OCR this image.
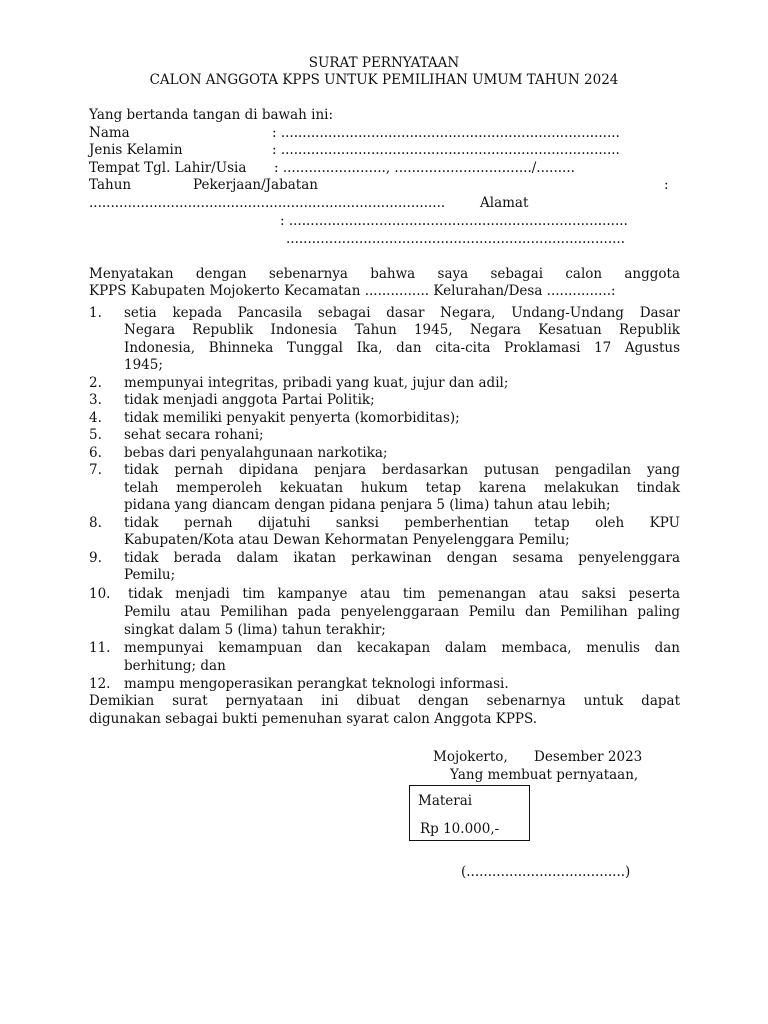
SURAT PERNYATAAN
CALON ANGGOTA KPPS UNTUK PEMILIHAN UMUM TAHUN 2024
Yang bertanda tangan di bawah ini:
Nama	: ...............................................................................
Jenis Kelamin	: ...............................................................................
Tempat Tgl. Lahir/Usia : ........................, ................................/.........
Tahun	Pekerjaan/Jabatan	:
...................................................................................	Alamat
: ...............................................................................
...............................................................................
Menyatakan dengan sebenarnya bahwa saya sebagai calon anggota
KPPS Kabupaten Mojokerto Kecamatan ............... Kelurahan/Desa ...............:
1. setia kepada Pancasila sebagai dasar Negara, Undang-Undang Dasar
Negara Republik Indonesia Tahun 1945, Negara Kesatuan Republik
Indonesia, Bhinneka Tunggal Ika, dan cita-cita Proklamasi 17 Agustus
1945;
2. mempunyai integritas, pribadi yang kuat, jujur dan adil;
3. tidak menjadi anggota Partai Politik;
4. tidak memiliki penyakit penyerta (komorbiditas);
5. sehat secara rohani;
6. bebas dari penyalahgunaan narkotika;
7. tidak pernah dipidana penjara berdasarkan putusan pengadilan yang
telah memperoleh kekuatan hukum tetap karena melakukan tindak
pidana yang diancam dengan pidana penjara 5 (lima) tahun atau lebih;
8. tidak pernah dijatuhi sanksi pemberhentian tetap oleh KPU
Kabupaten/Kota atau Dewan Kehormatan Penyelenggara Pemilu;
9. tidak berada dalam ikatan perkawinan dengan sesama penyelenggara
Pemilu;
10. tidak menjadi tim kampanye atau tim pemenangan atau saksi peserta
Pemilu atau Pemilihan pada penyelenggaraan Pemilu dan Pemilihan paling
singkat dalam 5 (lima) tahun terakhir;
11. mempunyai kemampuan dan kecakapan dalam membaca, menulis dan
berhitung; dan
12. mampu mengoperasikan perangkat teknologi informasi.
Demikian surat pernyataan ini dibuat dengan sebenarnya untuk dapat
digunakan sebagai bukti pemenuhan syarat calon Anggota KPPS.
Mojokerto, Desember 2023
Yang membuat pernyataan,
Materai
Rp 10.000,-
(.....................................)
